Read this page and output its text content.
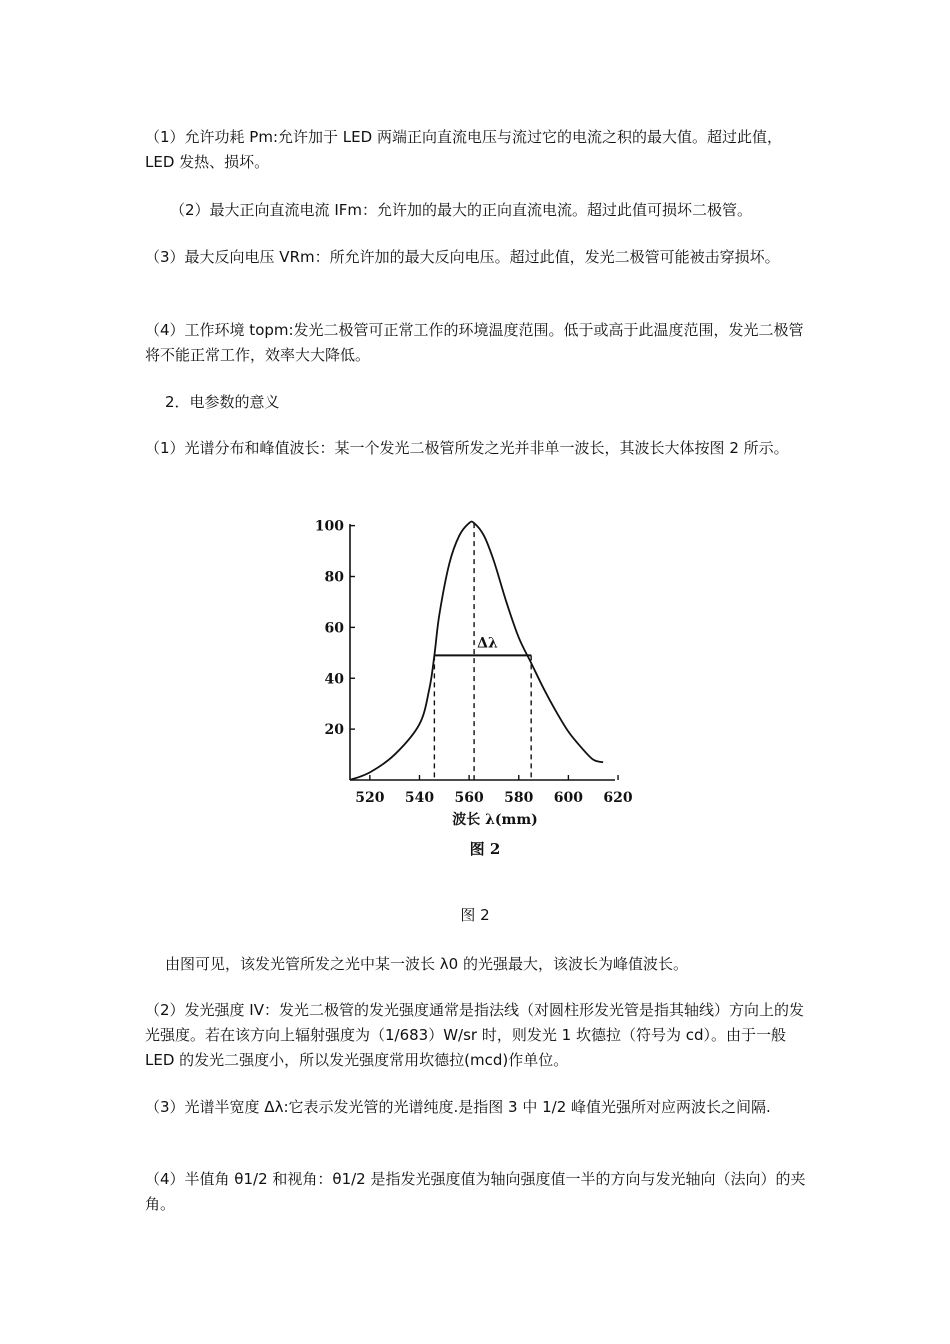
（1）允许功耗 Pm:允许加于 LED 两端正向直流电压与流过它的电流之积的最大值。超过此值，LED 发热、损坏。

（2）最大正向直流电流 IFm：允许加的最大的正向直流电流。超过此值可损坏二极管。

（3）最大反向电压 VRm：所允许加的最大反向电压。超过此值，发光二极管可能被击穿损坏。

（4）工作环境 topm:发光二极管可正常工作的环境温度范围。低于或高于此温度范围，发光二极管将不能正常工作，效率大大降低。

2．电参数的意义

（1）光谱分布和峰值波长：某一个发光二极管所发之光并非单一波长，其波长大体按图 2 所示。

20
40
60
80
100
520 540 560 580 600 620
波长 λ(mm)
Δλ
图 2
图 2

由图可见，该发光管所发之光中某一波长 λ0 的光强最大，该波长为峰值波长。

（2）发光强度 IV：发光二极管的发光强度通常是指法线（对圆柱形发光管是指其轴线）方向上的发光强度。若在该方向上辐射强度为（1/683）W/sr 时，则发光 1 坎德拉（符号为 cd）。由于一般 LED 的发光二强度小，所以发光强度常用坎德拉(mcd)作单位。

（3）光谱半宽度 Δλ:它表示发光管的光谱纯度.是指图 3 中 1/2 峰值光强所对应两波长之间隔.

（4）半值角 θ1/2 和视角：θ1/2 是指发光强度值为轴向强度值一半的方向与发光轴向（法向）的夹角。
